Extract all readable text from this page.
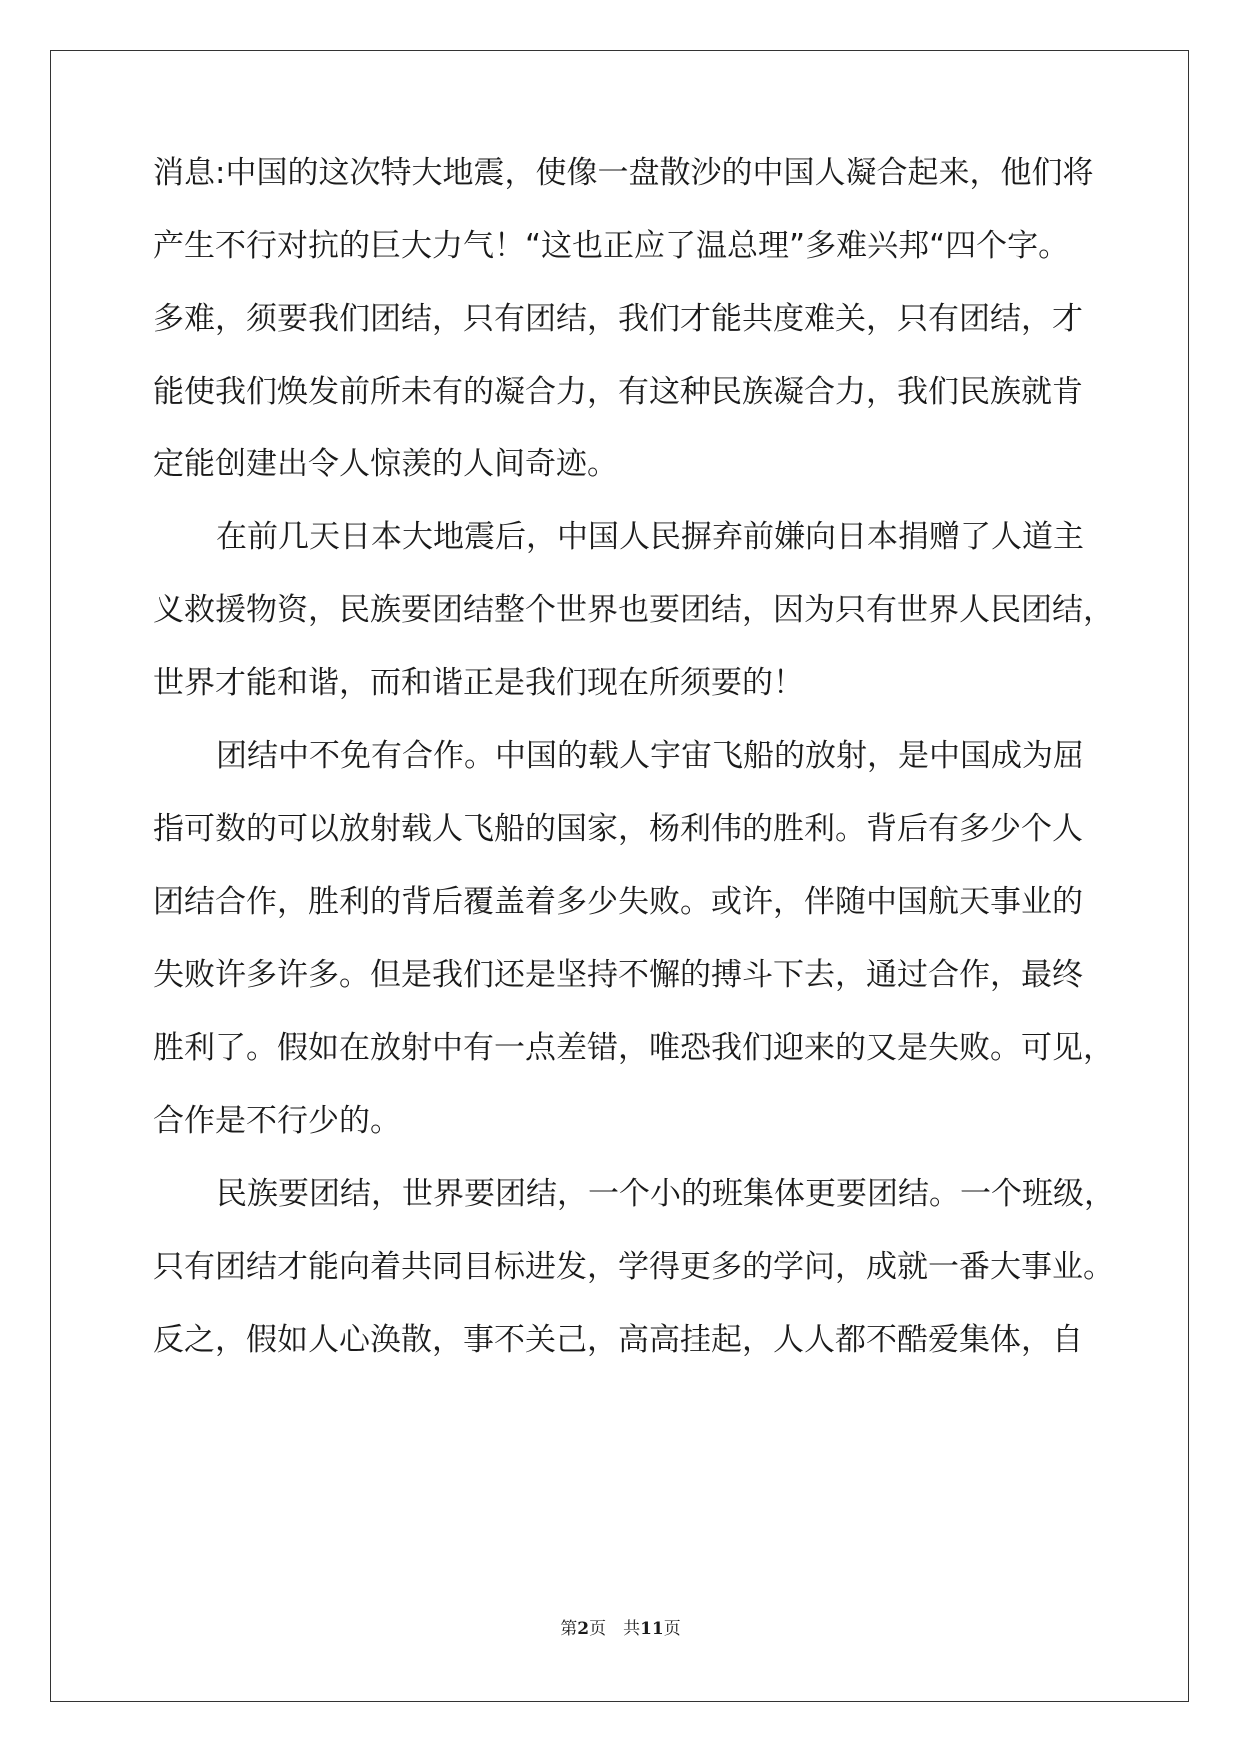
消息:中国的这次特大地震，使像一盘散沙的中国人凝合起来，他们将

产生不行对抗的巨大力气！“这也正应了温总理”多难兴邦“四个字。

多难，须要我们团结，只有团结，我们才能共度难关，只有团结，才

能使我们焕发前所未有的凝合力，有这种民族凝合力，我们民族就肯

定能创建出令人惊羡的人间奇迹。

在前几天日本大地震后，中国人民摒弃前嫌向日本捐赠了人道主

义救援物资，民族要团结整个世界也要团结，因为只有世界人民团结，

世界才能和谐，而和谐正是我们现在所须要的！

团结中不免有合作。中国的载人宇宙飞船的放射，是中国成为屈

指可数的可以放射载人飞船的国家，杨利伟的胜利。背后有多少个人

团结合作，胜利的背后覆盖着多少失败。或许，伴随中国航天事业的

失败许多许多。但是我们还是坚持不懈的搏斗下去，通过合作，最终

胜利了。假如在放射中有一点差错，唯恐我们迎来的又是失败。可见，

合作是不行少的。

民族要团结，世界要团结，一个小的班集体更要团结。一个班级，

只有团结才能向着共同目标进发，学得更多的学问，成就一番大事业。

反之，假如人心涣散，事不关己，高高挂起，人人都不酷爱集体，自

第2页　共11页
